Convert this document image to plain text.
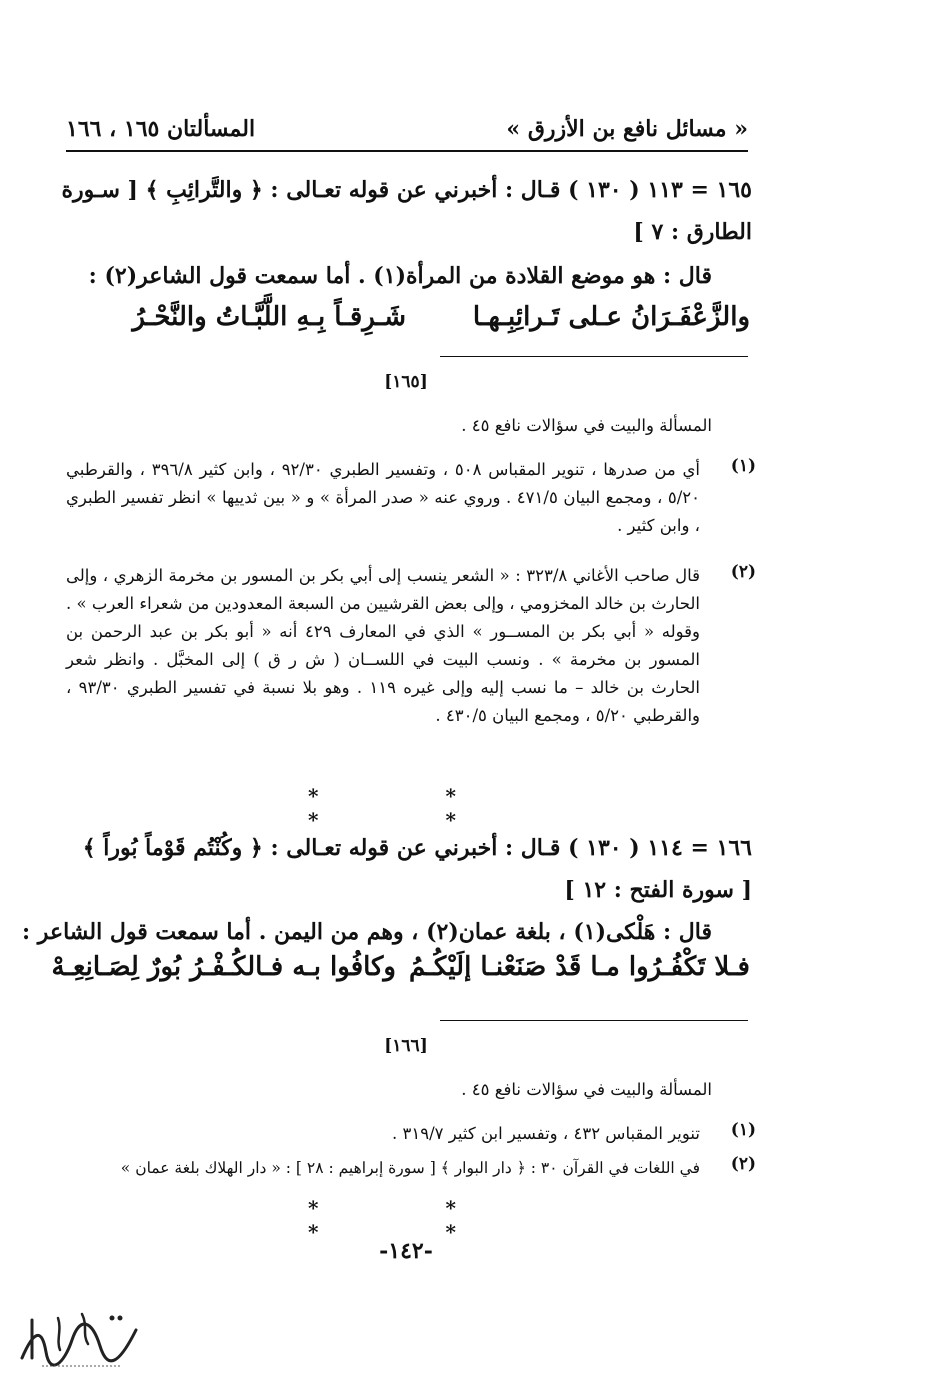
« مسائل نافع بن الأزرق »
المسألتان ١٦٥ ، ١٦٦
١٦٥ = ١١٣ ( ١٣٠ ) قـال : أخبرني عن قوله تعـالى : ﴿ والتَّرائِبِ ﴾ [ سـورة
الطارق : ٧ ]
قال : هو موضع القلادة من المرأة(١) . أما سمعت قول الشاعر(٢) :
والزَّعْفَـرَانُ عـلى تَـرائِبِـهـا
شَـرِقـاً بِـهِ اللَّبَّـاتُ والنَّحْـرُ
[١٦٥]
المسألة والبيت في سؤالات نافع ٤٥ .
(١)
أي من صدرها ، تنوير المقباس ٥٠٨ ، وتفسير الطبري ٩٢/٣٠ ، وابن كثير ٣٩٦/٨ ، والقرطبي ٥/٢٠ ، ومجمع البيان ٤٧١/٥ . وروي عنه « صدر المرأة » و « بين ثدييها » انظر تفسير الطبري ، وابن كثير .
(٢)
قال صاحب الأغاني ٣٢٣/٨ : « الشعر ينسب إلى أبي بكر بن المسور بن مخرمة الزهري ، وإلى الحارث بن خالد المخزومي ، وإلى بعض القرشيين من السبعة المعدودين من شعراء العرب » . وقوله « أبي بكر بن المســور » الذي في المعارف ٤٢٩ أنه « أبو بكر بن عبد الرحمن بن المسور بن مخرمة » . ونسب البيت في اللســان ( ش ر ق ) إلى المخبَّل . وانظر شعر الحارث بن خالد – ما نسب إليه وإلى غيره ١١٩ . وهو بلا نسبة في تفسير الطبري ٩٣/٣٠ ، والقرطبي ٥/٢٠ ، ومجمع البيان ٤٣٠/٥ .
* * * *
١٦٦ = ١١٤ ( ١٣٠ ) قـال : أخبرني عن قوله تعـالى : ﴿ وكُنْتُم قَوْماً بُوراً ﴾
[ سورة الفتح : ١٢ ]
قال : هَلْكى(١) ، بلغة عمان(٢) ، وهم من اليمن . أما سمعت قول الشاعر :
فـلا تَكْفُـرُوا مـا قَدْ صَنَعْنـا إلَيْكُـمُ
وكافُوا بـه فـالكُـفْـرُ بُورٌ لِصَـانِعِـهْ
[١٦٦]
المسألة والبيت في سؤالات نافع ٤٥ .
(١)
تنوير المقباس ٤٣٢ ، وتفسير ابن كثير ٣١٩/٧ .
(٢)
في اللغات في القرآن ٣٠ : ﴿ دار البوار ﴾ [ سورة إبراهيم : ٢٨ ] : « دار الهلاك بلغة عمان »
* * * *
-١٤٢-
